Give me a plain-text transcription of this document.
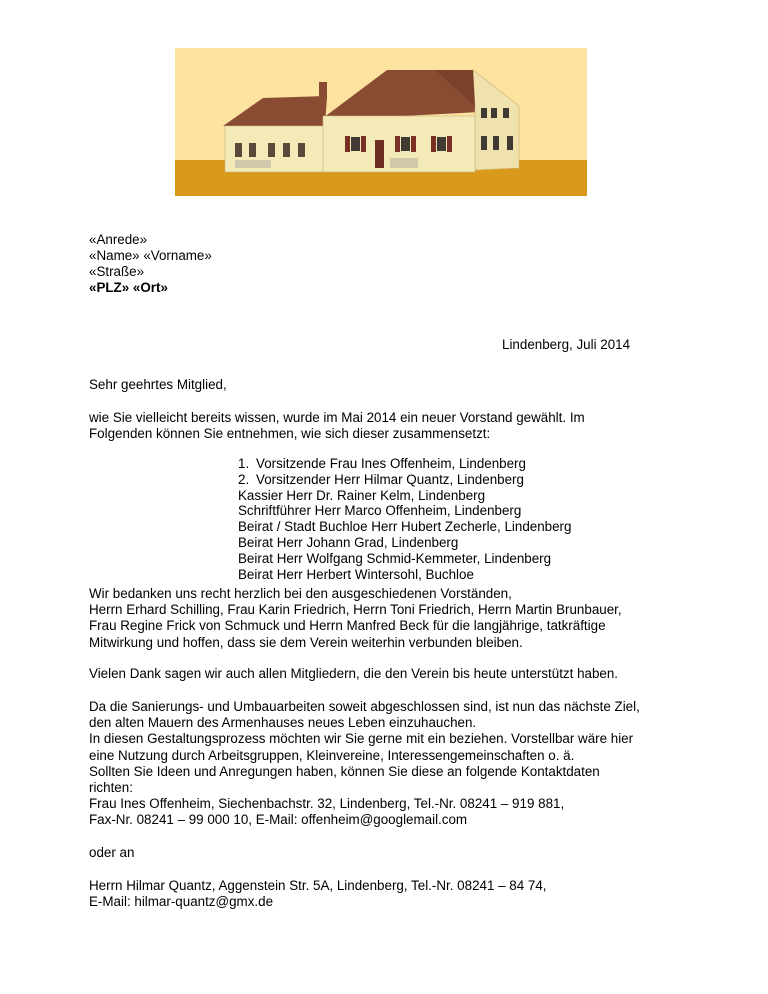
«Anrede»
«Name» «Vorname»
«Straße»
«PLZ» «Ort»
Lindenberg, Juli 2014
Sehr geehrtes Mitglied,
wie Sie vielleicht bereits wissen, wurde im Mai 2014 ein neuer Vorstand gewählt. Im
Folgenden können Sie entnehmen, wie sich dieser zusammensetzt:
1. Vorsitzende Frau Ines Offenheim, Lindenberg
2. Vorsitzender Herr Hilmar Quantz, Lindenberg
Kassier Herr Dr. Rainer Kelm, Lindenberg
Schriftführer Herr Marco Offenheim, Lindenberg
Beirat / Stadt Buchloe Herr Hubert Zecherle, Lindenberg
Beirat Herr Johann Grad, Lindenberg
Beirat Herr Wolfgang Schmid-Kemmeter, Lindenberg
Beirat Herr Herbert Wintersohl, Buchloe
Wir bedanken uns recht herzlich bei den ausgeschiedenen Vorständen,
Herrn Erhard Schilling, Frau Karin Friedrich, Herrn Toni Friedrich, Herrn Martin Brunbauer,
Frau Regine Frick von Schmuck und Herrn Manfred Beck für die langjährige, tatkräftige
Mitwirkung und hoffen, dass sie dem Verein weiterhin verbunden bleiben.
Vielen Dank sagen wir auch allen Mitgliedern, die den Verein bis heute unterstützt haben.
Da die Sanierungs- und Umbauarbeiten soweit abgeschlossen sind, ist nun das nächste Ziel,
den alten Mauern des Armenhauses neues Leben einzuhauchen.
In diesen Gestaltungsprozess möchten wir Sie gerne mit ein beziehen. Vorstellbar wäre hier
eine Nutzung durch Arbeitsgruppen, Kleinvereine, Interessengemeinschaften o. ä.
Sollten Sie Ideen und Anregungen haben, können Sie diese an folgende Kontaktdaten
richten:
Frau Ines Offenheim, Siechenbachstr. 32, Lindenberg, Tel.-Nr. 08241 – 919 881,
Fax-Nr. 08241 – 99 000 10, E-Mail: offenheim@googlemail.com
oder an
Herrn Hilmar Quantz, Aggenstein Str. 5A, Lindenberg, Tel.-Nr. 08241 – 84 74,
E-Mail: hilmar-quantz@gmx.de
